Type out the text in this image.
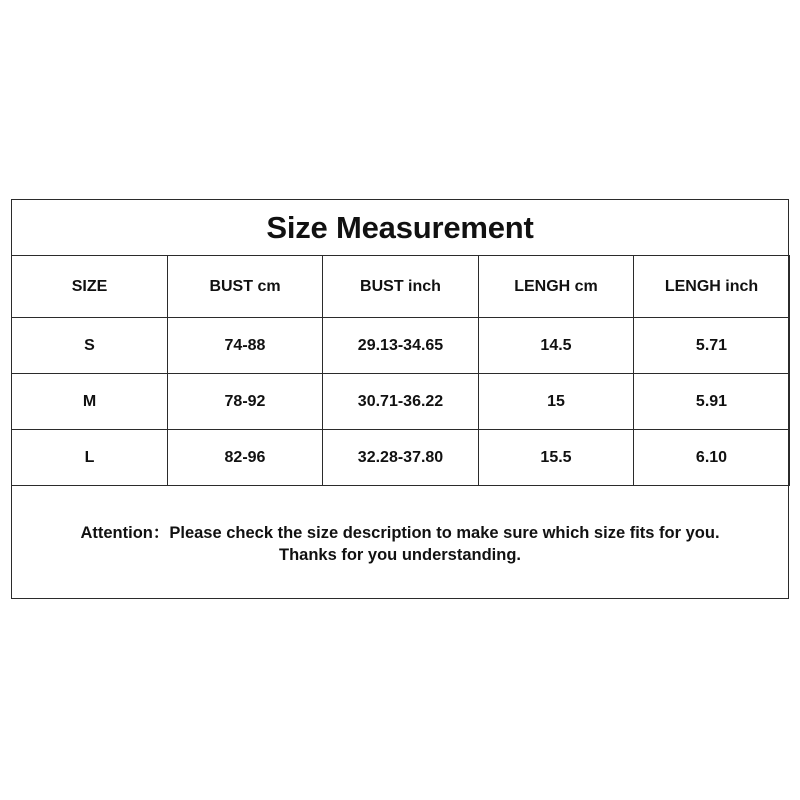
Size Measurement
SIZE	BUST cm	BUST inch	LENGH cm	LENGH inch
S	74-88	29.13-34.65	14.5	5.71
M	78-92	30.71-36.22	15	5.91
L	82-96	32.28-37.80	15.5	6.10
Attention：Please check the size description to make sure which size fits for you.
Thanks for you understanding.
